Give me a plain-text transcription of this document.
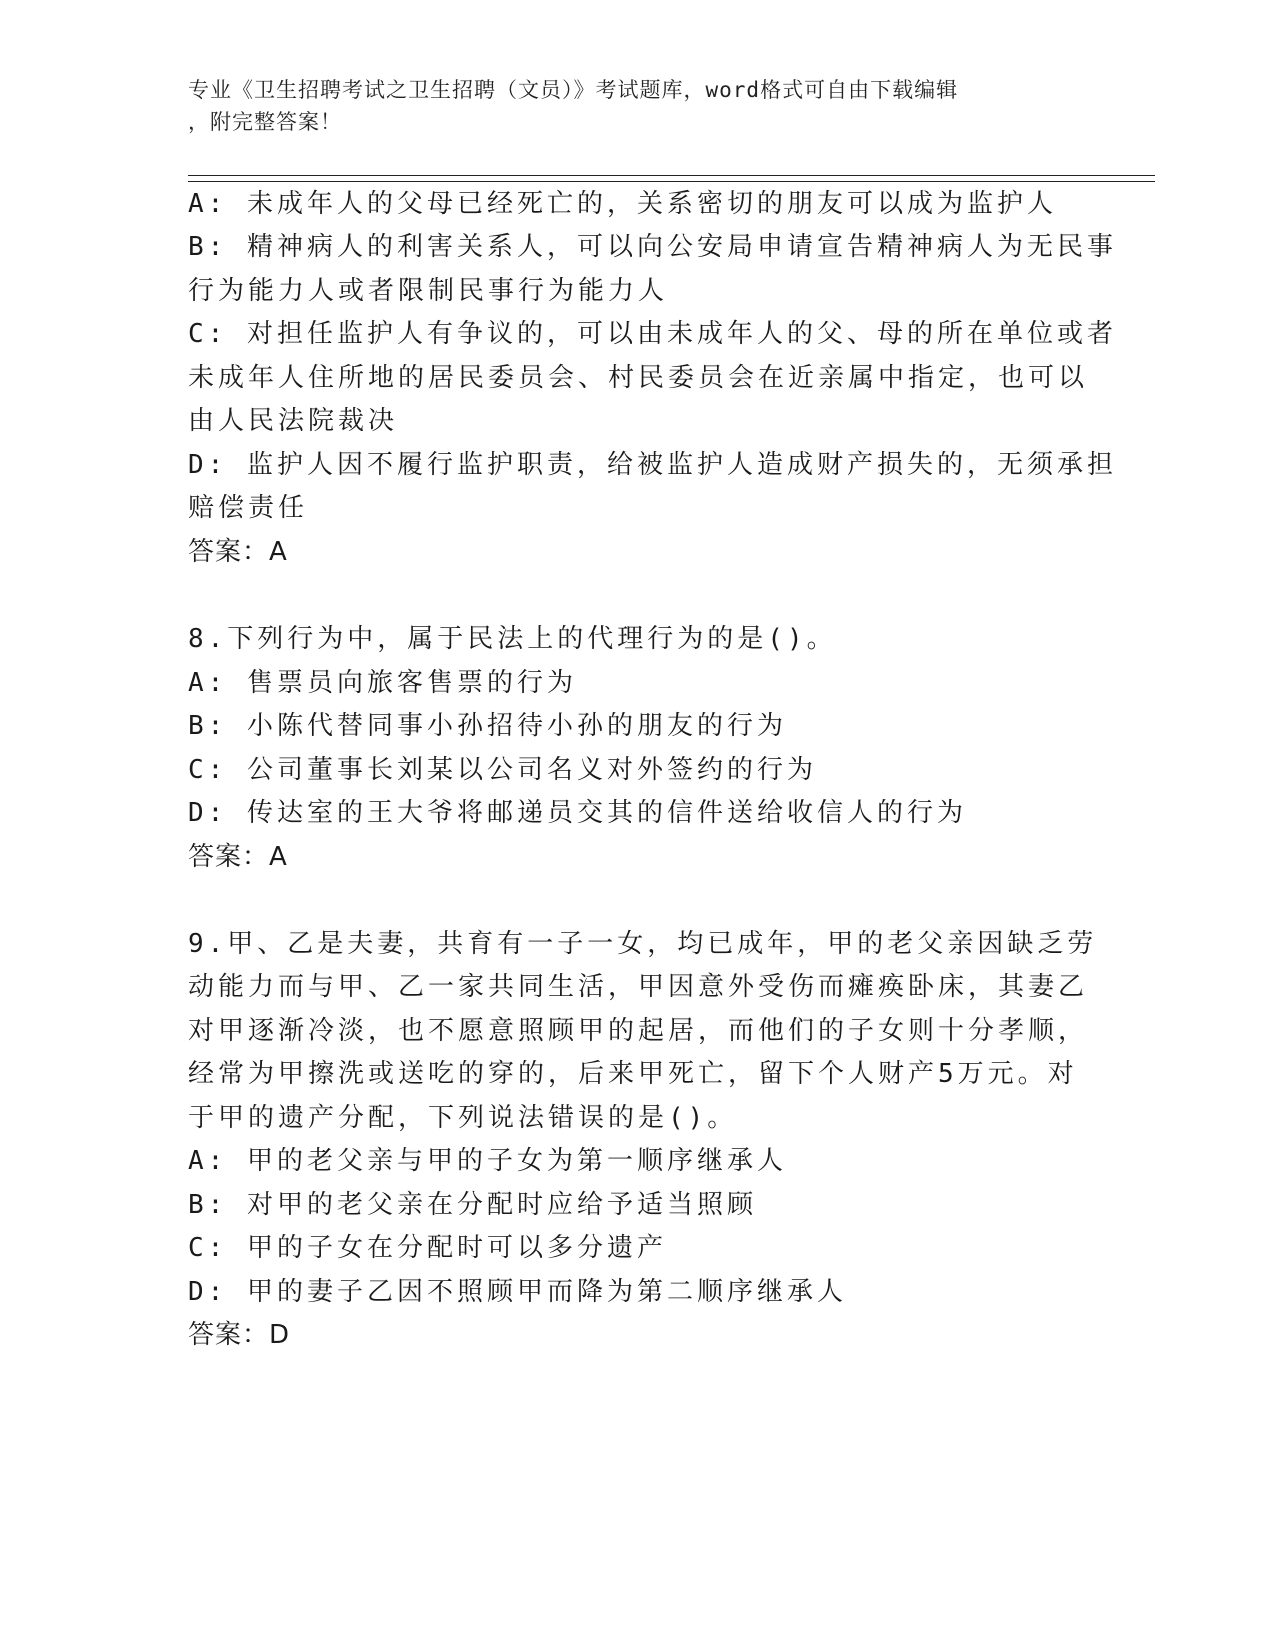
专业《卫生招聘考试之卫生招聘（文员）》考试题库，word格式可自由下载编辑
，附完整答案！
A: 未成年人的父母已经死亡的，关系密切的朋友可以成为监护人
B: 精神病人的利害关系人，可以向公安局申请宣告精神病人为无民事
行为能力人或者限制民事行为能力人
C: 对担任监护人有争议的，可以由未成年人的父、母的所在单位或者
未成年人住所地的居民委员会、村民委员会在近亲属中指定，也可以
由人民法院裁决
D: 监护人因不履行监护职责，给被监护人造成财产损失的，无须承担
赔偿责任
答案：A
8.下列行为中，属于民法上的代理行为的是()。
A: 售票员向旅客售票的行为
B: 小陈代替同事小孙招待小孙的朋友的行为
C: 公司董事长刘某以公司名义对外签约的行为
D: 传达室的王大爷将邮递员交其的信件送给收信人的行为
答案：A
9.甲、乙是夫妻，共育有一子一女，均已成年，甲的老父亲因缺乏劳
动能力而与甲、乙一家共同生活，甲因意外受伤而瘫痪卧床，其妻乙
对甲逐渐冷淡，也不愿意照顾甲的起居，而他们的子女则十分孝顺，
经常为甲擦洗或送吃的穿的，后来甲死亡，留下个人财产5万元。对
于甲的遗产分配，下列说法错误的是()。
A: 甲的老父亲与甲的子女为第一顺序继承人
B: 对甲的老父亲在分配时应给予适当照顾
C: 甲的子女在分配时可以多分遗产
D: 甲的妻子乙因不照顾甲而降为第二顺序继承人
答案：D
